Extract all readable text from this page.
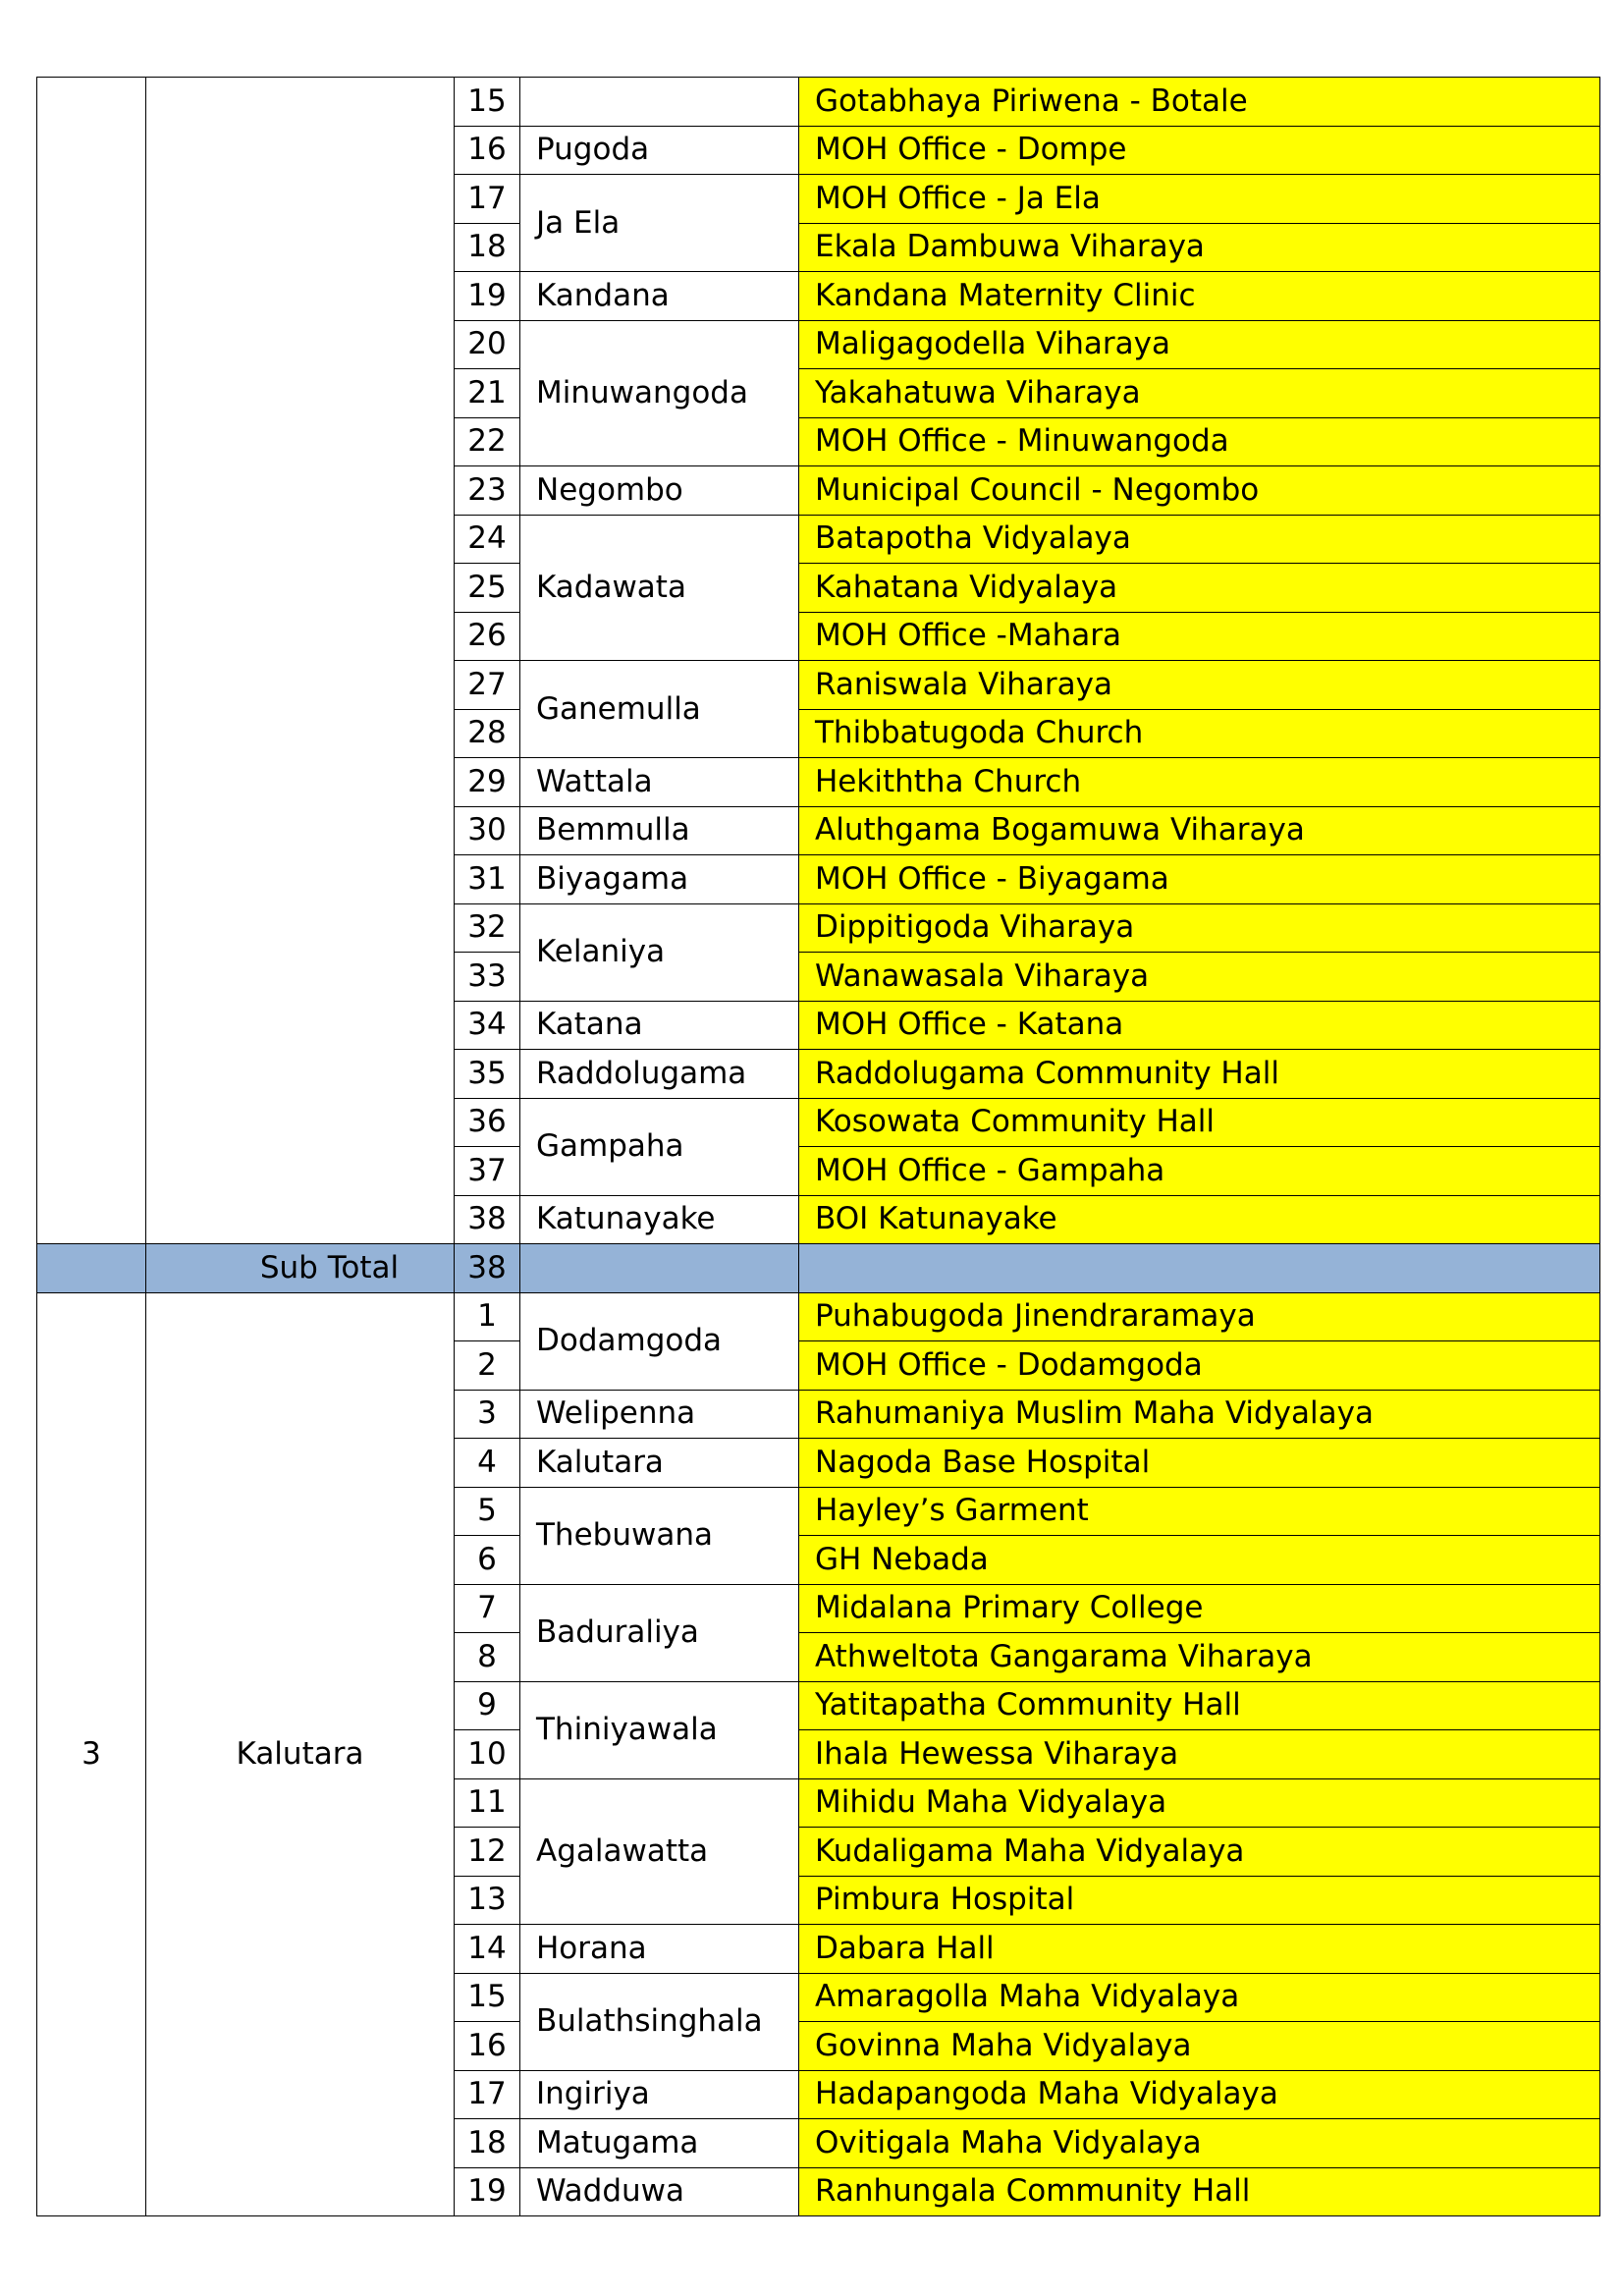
		15		Gotabhaya Piriwena - Botale
		16	Pugoda	MOH Office - Dompe
		17	Ja Ela	MOH Office - Ja Ela
		18		Ekala Dambuwa Viharaya
		19	Kandana	Kandana Maternity Clinic
		20	Minuwangoda	Maligagodella Viharaya
		21		Yakahatuwa Viharaya
		22		MOH Office - Minuwangoda
		23	Negombo	Municipal Council - Negombo
		24	Kadawata	Batapotha Vidyalaya
		25		Kahatana Vidyalaya
		26		MOH Office -Mahara
		27	Ganemulla	Raniswala Viharaya
		28		Thibbatugoda Church
		29	Wattala	Hekiththa Church
		30	Bemmulla	Aluthgama Bogamuwa Viharaya
		31	Biyagama	MOH Office - Biyagama
		32	Kelaniya	Dippitigoda Viharaya
		33		Wanawasala Viharaya
		34	Katana	MOH Office - Katana
		35	Raddolugama	Raddolugama Community Hall
		36	Gampaha	Kosowata Community Hall
		37		MOH Office - Gampaha
		38	Katunayake	BOI Katunayake
	Sub Total	38		
3	Kalutara	1	Dodamgoda	Puhabugoda Jinendraramaya
		2		MOH Office - Dodamgoda
		3	Welipenna	Rahumaniya Muslim Maha Vidyalaya
		4	Kalutara	Nagoda Base Hospital
		5	Thebuwana	Hayley’s Garment
		6		GH Nebada
		7	Baduraliya	Midalana Primary College
		8		Athweltota Gangarama Viharaya
		9	Thiniyawala	Yatitapatha Community Hall
		10		Ihala Hewessa Viharaya
		11	Agalawatta	Mihidu Maha Vidyalaya
		12		Kudaligama Maha Vidyalaya
		13		Pimbura Hospital
		14	Horana	Dabara Hall
		15	Bulathsinghala	Amaragolla Maha Vidyalaya
		16		Govinna Maha Vidyalaya
		17	Ingiriya	Hadapangoda Maha Vidyalaya
		18	Matugama	Ovitigala Maha Vidyalaya
		19	Wadduwa	Ranhungala Community Hall
